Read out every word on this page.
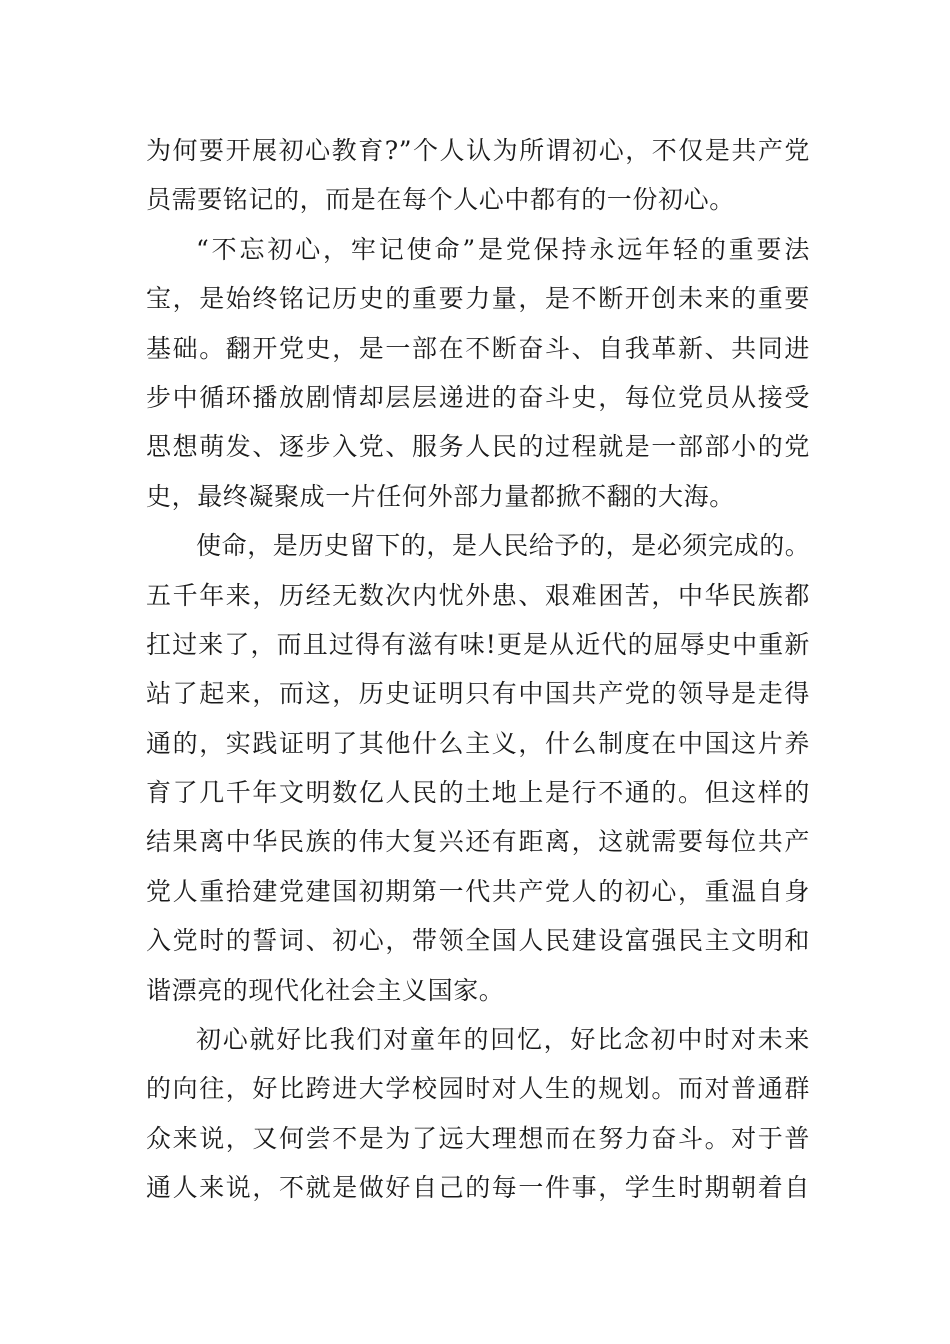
为何要开展初心教育?”个人认为所谓初心，不仅是共产党
员需要铭记的，而是在每个人心中都有的一份初心。
“不忘初心，牢记使命”是党保持永远年轻的重要法
宝，是始终铭记历史的重要力量，是不断开创未来的重要
基础。翻开党史，是一部在不断奋斗、自我革新、共同进
步中循环播放剧情却层层递进的奋斗史，每位党员从接受
思想萌发、逐步入党、服务人民的过程就是一部部小的党
史，最终凝聚成一片任何外部力量都掀不翻的大海。
使命，是历史留下的，是人民给予的，是必须完成的。
五千年来，历经无数次内忧外患、艰难困苦，中华民族都
扛过来了，而且过得有滋有味!更是从近代的屈辱史中重新
站了起来，而这，历史证明只有中国共产党的领导是走得
通的，实践证明了其他什么主义，什么制度在中国这片养
育了几千年文明数亿人民的土地上是行不通的。但这样的
结果离中华民族的伟大复兴还有距离，这就需要每位共产
党人重拾建党建国初期第一代共产党人的初心，重温自身
入党时的誓词、初心，带领全国人民建设富强民主文明和
谐漂亮的现代化社会主义国家。
初心就好比我们对童年的回忆，好比念初中时对未来
的向往，好比跨进大学校园时对人生的规划。而对普通群
众来说，又何尝不是为了远大理想而在努力奋斗。对于普
通人来说，不就是做好自己的每一件事，学生时期朝着自
